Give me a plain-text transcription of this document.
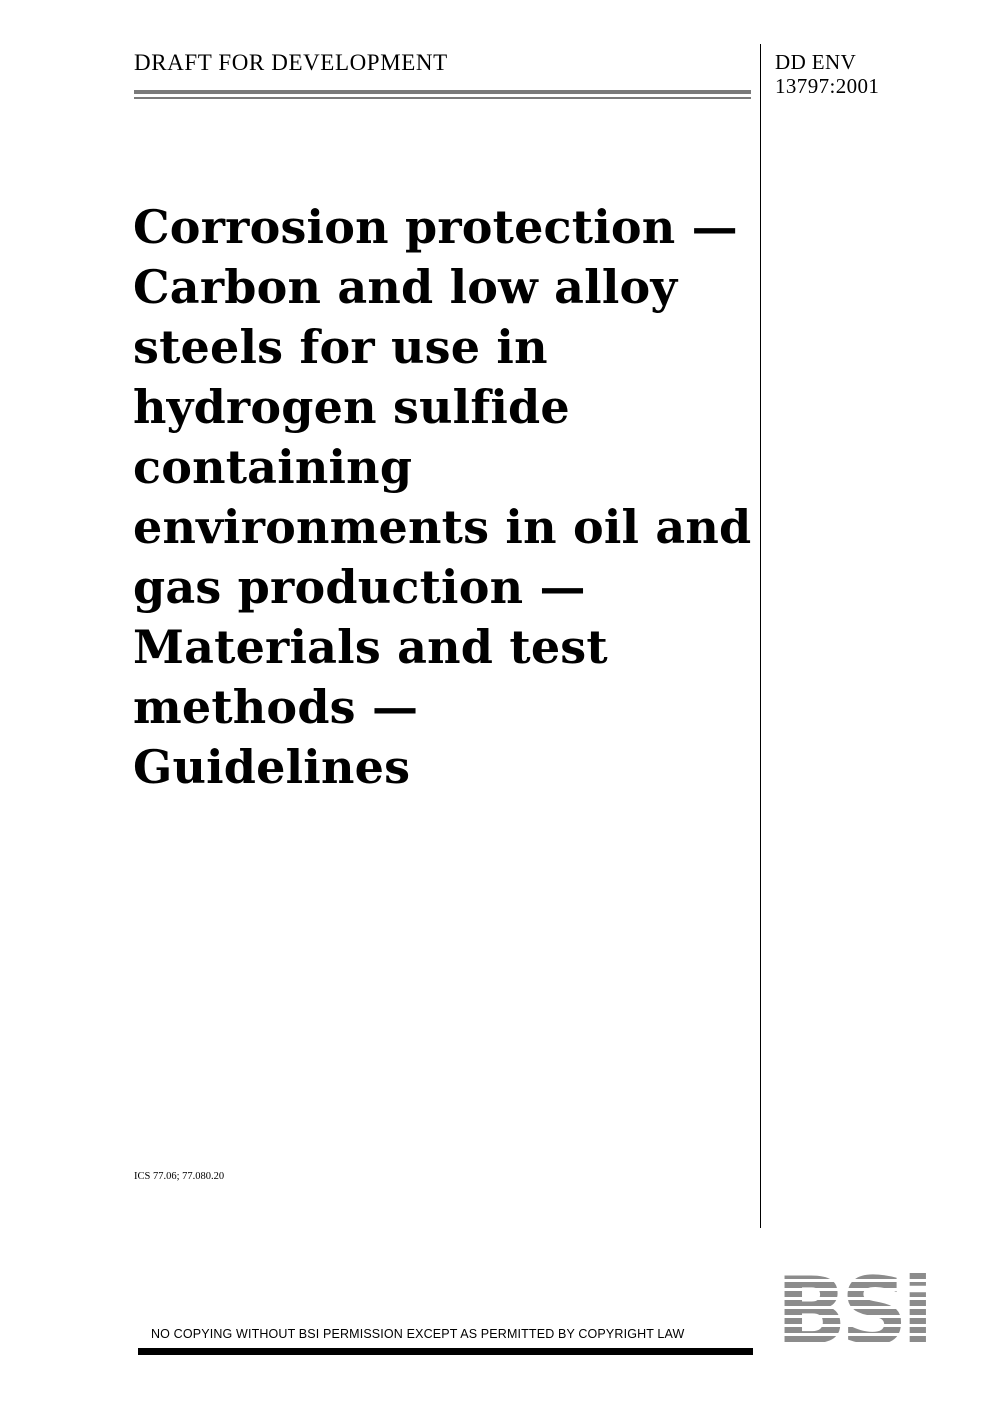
DRAFT FOR DEVELOPMENT	DD ENV
13797:2001
Corrosion protection —
Carbon and low alloy
steels for use in
hydrogen sulfide
containing
environments in oil and
gas production —
Materials and test
methods —
Guidelines
ICS 77.06; 77.080.20
NO COPYING WITHOUT BSI PERMISSION EXCEPT AS PERMITTED BY COPYRIGHT LAW
